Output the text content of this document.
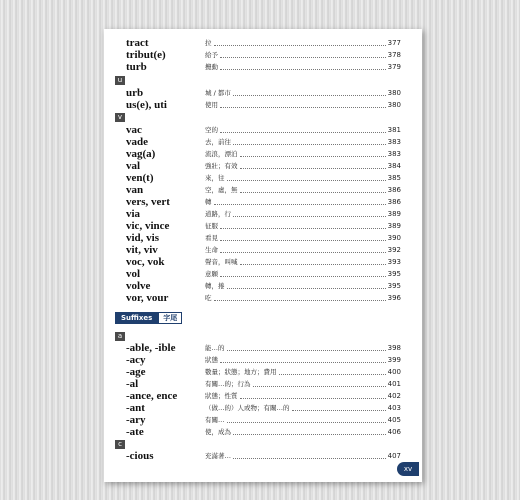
tract	拉	377
tribut(e)	給予	378
turb	攪動	379
u
urb	城 / 都市	380
us(e), uti	使用	380
v
vac	空的	381
vade	去，前往	383
vag(a)	流浪，漂泊	383
val	強壯；有效	384
ven(t)	來，往	385
van	空，虛，無	386
vers, vert	轉	386
via	道路，行	389
vic, vince	征服	389
vid, vis	看見	390
vit, viv	生命	392
voc, vok	聲音，叫喊	393
vol	意願	395
volve	轉，捲	395
vor, vour	吃	396
Suffixes	字尾
a
-able, -ible	能…的	398
-acy	狀態	399
-age	數量；狀態；地方；費用	400
-al	有關…的；行為	401
-ance, ence	狀態；性質	402
-ant	（做…的）人或物；有關…的	403
-ary	有關…	405
-ate	使，成為	406
c
-cious	充滿著…	407
xv
